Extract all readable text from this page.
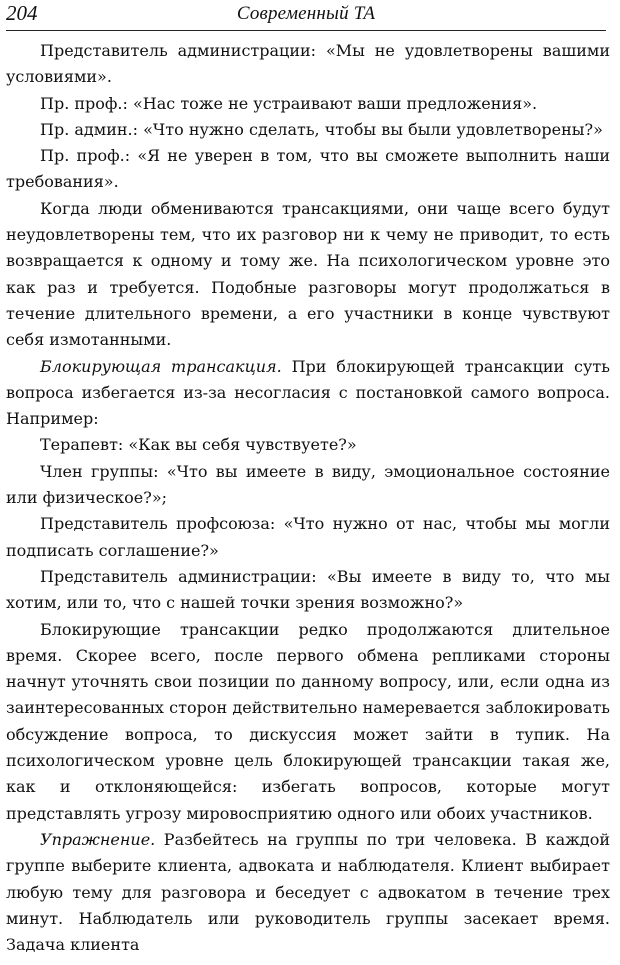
204	Современный ТА

Представитель администрации: «Мы не удовлетворены вашими условиями».

Пр. проф.: «Нас тоже не устраивают ваши предложения».

Пр. админ.: «Что нужно сделать, чтобы вы были удовлетворены?»

Пр. проф.: «Я не уверен в том, что вы сможете выполнить наши требования».

Когда люди обмениваются трансакциями, они чаще всего будут неудовлетворены тем, что их разговор ни к чему не приводит, то есть возвращается к одному и тому же. На психологическом уровне это как раз и требуется. Подобные разговоры могут продолжаться в течение длительного времени, а его участники в конце чувствуют себя измотанными.

Блокирующая трансакция. При блокирующей трансакции суть вопроса избегается из-за несогласия с постановкой самого вопроса. Например:

Терапевт: «Как вы себя чувствуете?»

Член группы: «Что вы имеете в виду, эмоциональное состояние или физическое?»;

Представитель профсоюза: «Что нужно от нас, чтобы мы могли подписать соглашение?»

Представитель администрации: «Вы имеете в виду то, что мы хотим, или то, что с нашей точки зрения возможно?»

Блокирующие трансакции редко продолжаются длительное время. Скорее всего, после первого обмена репликами стороны начнут уточнять свои позиции по данному вопросу, или, если одна из заинтересованных сторон действительно намеревается заблокировать обсуждение вопроса, то дискуссия может зайти в тупик. На психологическом уровне цель блокирующей трансакции такая же, как и отклоняющейся: избегать вопросов, которые могут представлять угрозу мировосприятию одного или обоих участников.

Упражнение. Разбейтесь на группы по три человека. В каждой группе выберите клиента, адвоката и наблюдателя. Клиент выбирает любую тему для разговора и беседует с адвокатом в течение трех минут. Наблюдатель или руководитель группы засекает время. Задача клиента
